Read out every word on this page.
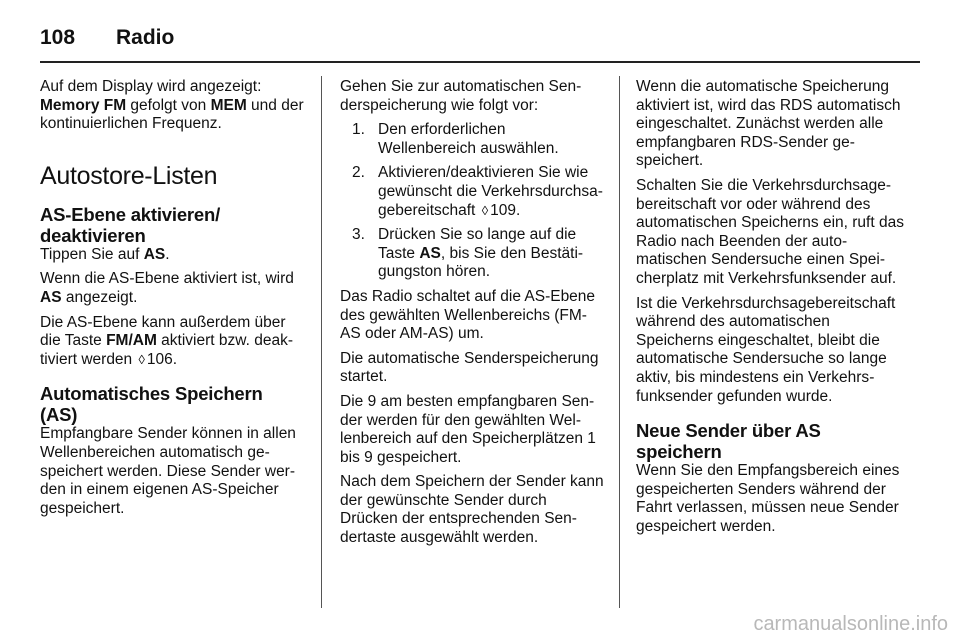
108	Radio

Auf dem Display wird angezeigt:
Memory FM gefolgt von MEM und der kontinuierlichen Frequenz.

Autostore-Listen
AS-Ebene aktivieren/
deaktivieren

Tippen Sie auf AS.

Wenn die AS-Ebene aktiviert ist, wird AS angezeigt.

Die AS-Ebene kann außerdem über die Taste FM/AM aktiviert bzw. deaktiviert werden ◊ 106.

Automatisches Speichern (AS)

Empfangbare Sender können in allen Wellenbereichen automatisch gespeichert werden. Diese Sender werden in einem eigenen AS-Speicher gespeichert.

Gehen Sie zur automatischen Senderspeicherung wie folgt vor:

1. Den erforderlichen Wellenbereich auswählen.
2. Aktivieren/deaktivieren Sie wie gewünscht die Verkehrsdurchsagebereitschaft ◊ 109.
3. Drücken Sie so lange auf die Taste AS, bis Sie den Bestätigungston hören.

Das Radio schaltet auf die AS-Ebene des gewählten Wellenbereichs (FM-AS oder AM-AS) um.

Die automatische Senderspeicherung startet.

Die 9 am besten empfangbaren Sender werden für den gewählten Wellenbereich auf den Speicherplätzen 1 bis 9 gespeichert.

Nach dem Speichern der Sender kann der gewünschte Sender durch Drücken der entsprechenden Sendertaste ausgewählt werden.

Wenn die automatische Speicherung aktiviert ist, wird das RDS automatisch eingeschaltet. Zunächst werden alle empfangbaren RDS-Sender gespeichert.

Schalten Sie die Verkehrsdurchsagebereitschaft vor oder während des automatischen Speicherns ein, ruft das Radio nach Beenden der automatischen Sendersuche einen Speicherplatz mit Verkehrsfunksender auf.

Ist die Verkehrsdurchsagebereitschaft während des automatischen Speicherns eingeschaltet, bleibt die automatische Sendersuche so lange aktiv, bis mindestens ein Verkehrsfunksender gefunden wurde.

Neue Sender über AS
speichern

Wenn Sie den Empfangsbereich eines gespeicherten Senders während der Fahrt verlassen, müssen neue Sender gespeichert werden.

carmanualsonline.info
